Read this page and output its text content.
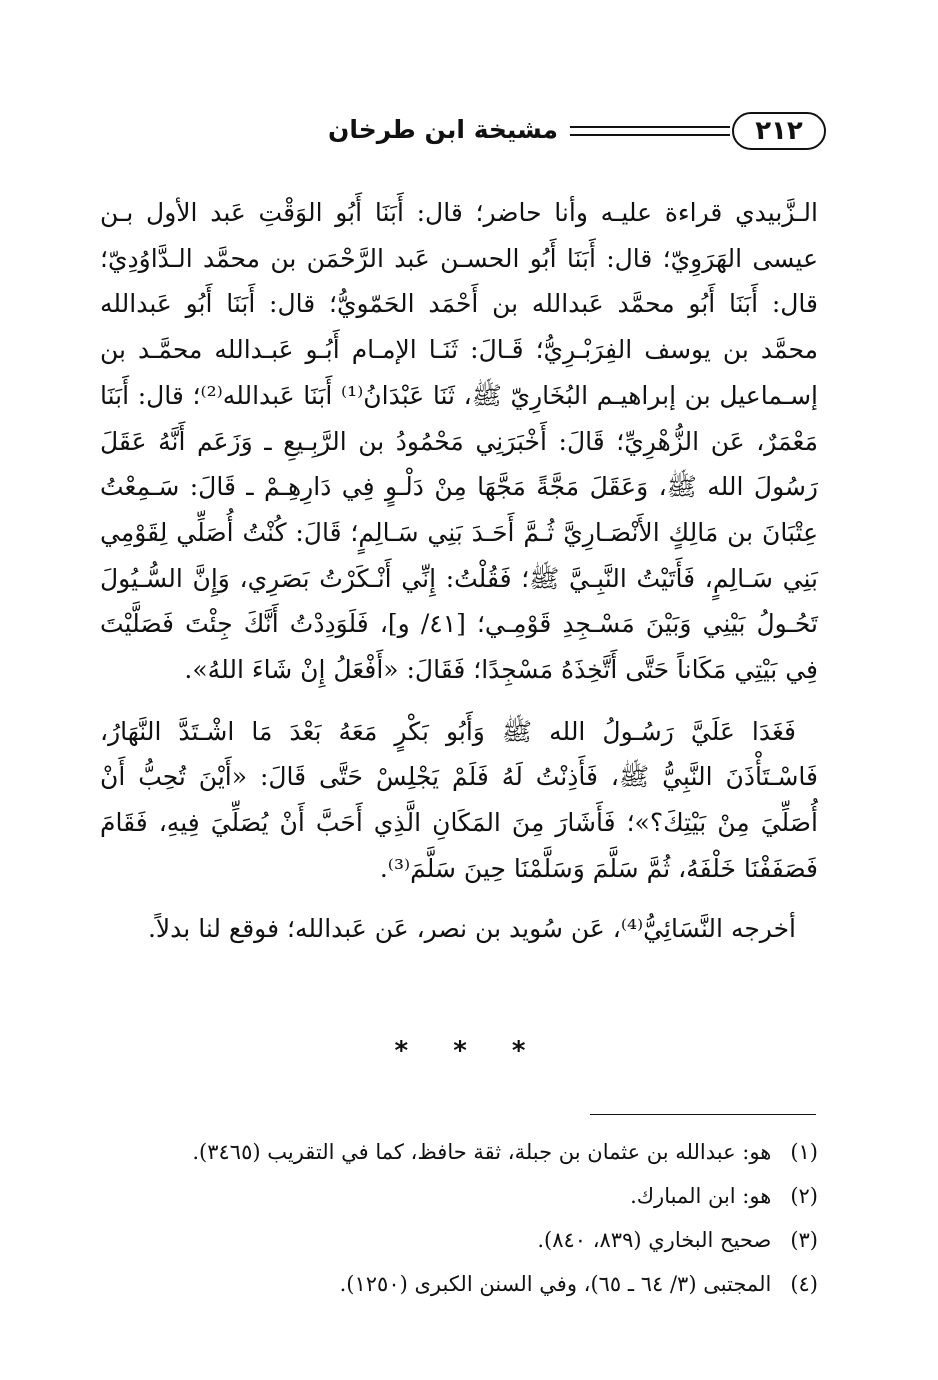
٢١٢
مشيخة ابن طرخان

الـزَّبيدي قراءة عليـه وأنا حاضر؛ قال: أَبَنَا أَبُو الوَقْتِ عَبد الأول بـن عيسى الهَرَوِيّ؛ قال: أَبَنَا أَبُو الحسـن عَبد الرَّحْمَن بن محمَّد الـدَّاوُدِيّ؛ قال: أَبَنَا أَبُو محمَّد عَبدالله بن أَحْمَد الحَمّويُّ؛ قال: أَبَنَا أَبُو عَبدالله محمَّد بن يوسف الفِرَبْـرِيُّ؛ قَـالَ: ثَنَـا الإمـام أَبُـو عَبـدالله محمَّـد بن إسـماعيل بن إبراهيـم البُخَارِيّ ﷺ، ثَنَا عَبْدَانُ⁽¹⁾ أَبَنَا عَبدالله⁽²⁾؛ قال: أَبَنَا مَعْمَرٌ، عَن الزُّهْرِيِّ؛ قَالَ: أَخْبَرَنِي مَحْمُودُ بن الرَّبِـيعِ ـ وَزَعَم أَنَّهُ عَقَلَ رَسُولَ الله ﷺ، وَعَقَلَ مَجَّةً مَجَّهَا مِنْ دَلْـوٍ فِي دَارِهِـمْ ـ قَالَ: سَـمِعْتُ عِتْبَانَ بن مَالِكٍ الأَنْصَـارِيَّ ثُـمَّ أَحَـدَ بَنِي سَـالِمٍ؛ قَالَ: كُنْتُ أُصَلِّي لِقَوْمِي بَنِي سَـالِمٍ، فَأَتَيْتُ النَّبِـيَّ ﷺ؛ فَقُلْتُ: إِنِّي أَنْـكَرْتُ بَصَرِي، وَإِنَّ السُّـيُولَ تَحُـولُ بَيْنِي وَبَيْنَ مَسْـجِدِ قَوْمِـي؛ [٤١/ و]، فَلَوَدِدْتُ أَنَّكَ جِئْتَ فَصَلَّيْتَ فِي بَيْتِي مَكَاناً حَتَّى أَتَّخِذَهُ مَسْجِدًا؛ فَقَالَ: «أَفْعَلُ إِنْ شَاءَ اللهُ».

فَغَدَا عَلَيَّ رَسُـولُ الله ﷺ وَأَبُو بَكْرٍ مَعَهُ بَعْدَ مَا اشْـتَدَّ النَّهَارُ، فَاسْـتَأْذَنَ النَّبِيُّ ﷺ، فَأَذِنْتُ لَهُ فَلَمْ يَجْلِسْ حَتَّى قَالَ: «أَيْنَ تُحِبُّ أَنْ أُصَلِّيَ مِنْ بَيْتِكَ؟»؛ فَأَشَارَ مِنَ المَكَانِ الَّذِي أَحَبَّ أَنْ يُصَلِّيَ فِيهِ، فَقَامَ فَصَفَفْنَا خَلْفَهُ، ثُمَّ سَلَّمَ وَسَلَّمْنَا حِينَ سَلَّمَ⁽³⁾.

أخرجه النَّسَائِيُّ⁽⁴⁾، عَن سُويد بن نصر، عَن عَبدالله؛ فوقع لنا بدلاً.

* * *
(١) هو: عبدالله بن عثمان بن جبلة، ثقة حافظ، كما في التقريب (٣٤٦٥).
(٢) هو: ابن المبارك.
(٣) صحيح البخاري (٨٣٩، ٨٤٠).
(٤) المجتبى (٣/ ٦٤ ـ ٦٥)، وفي السنن الكبرى (١٢٥٠).
